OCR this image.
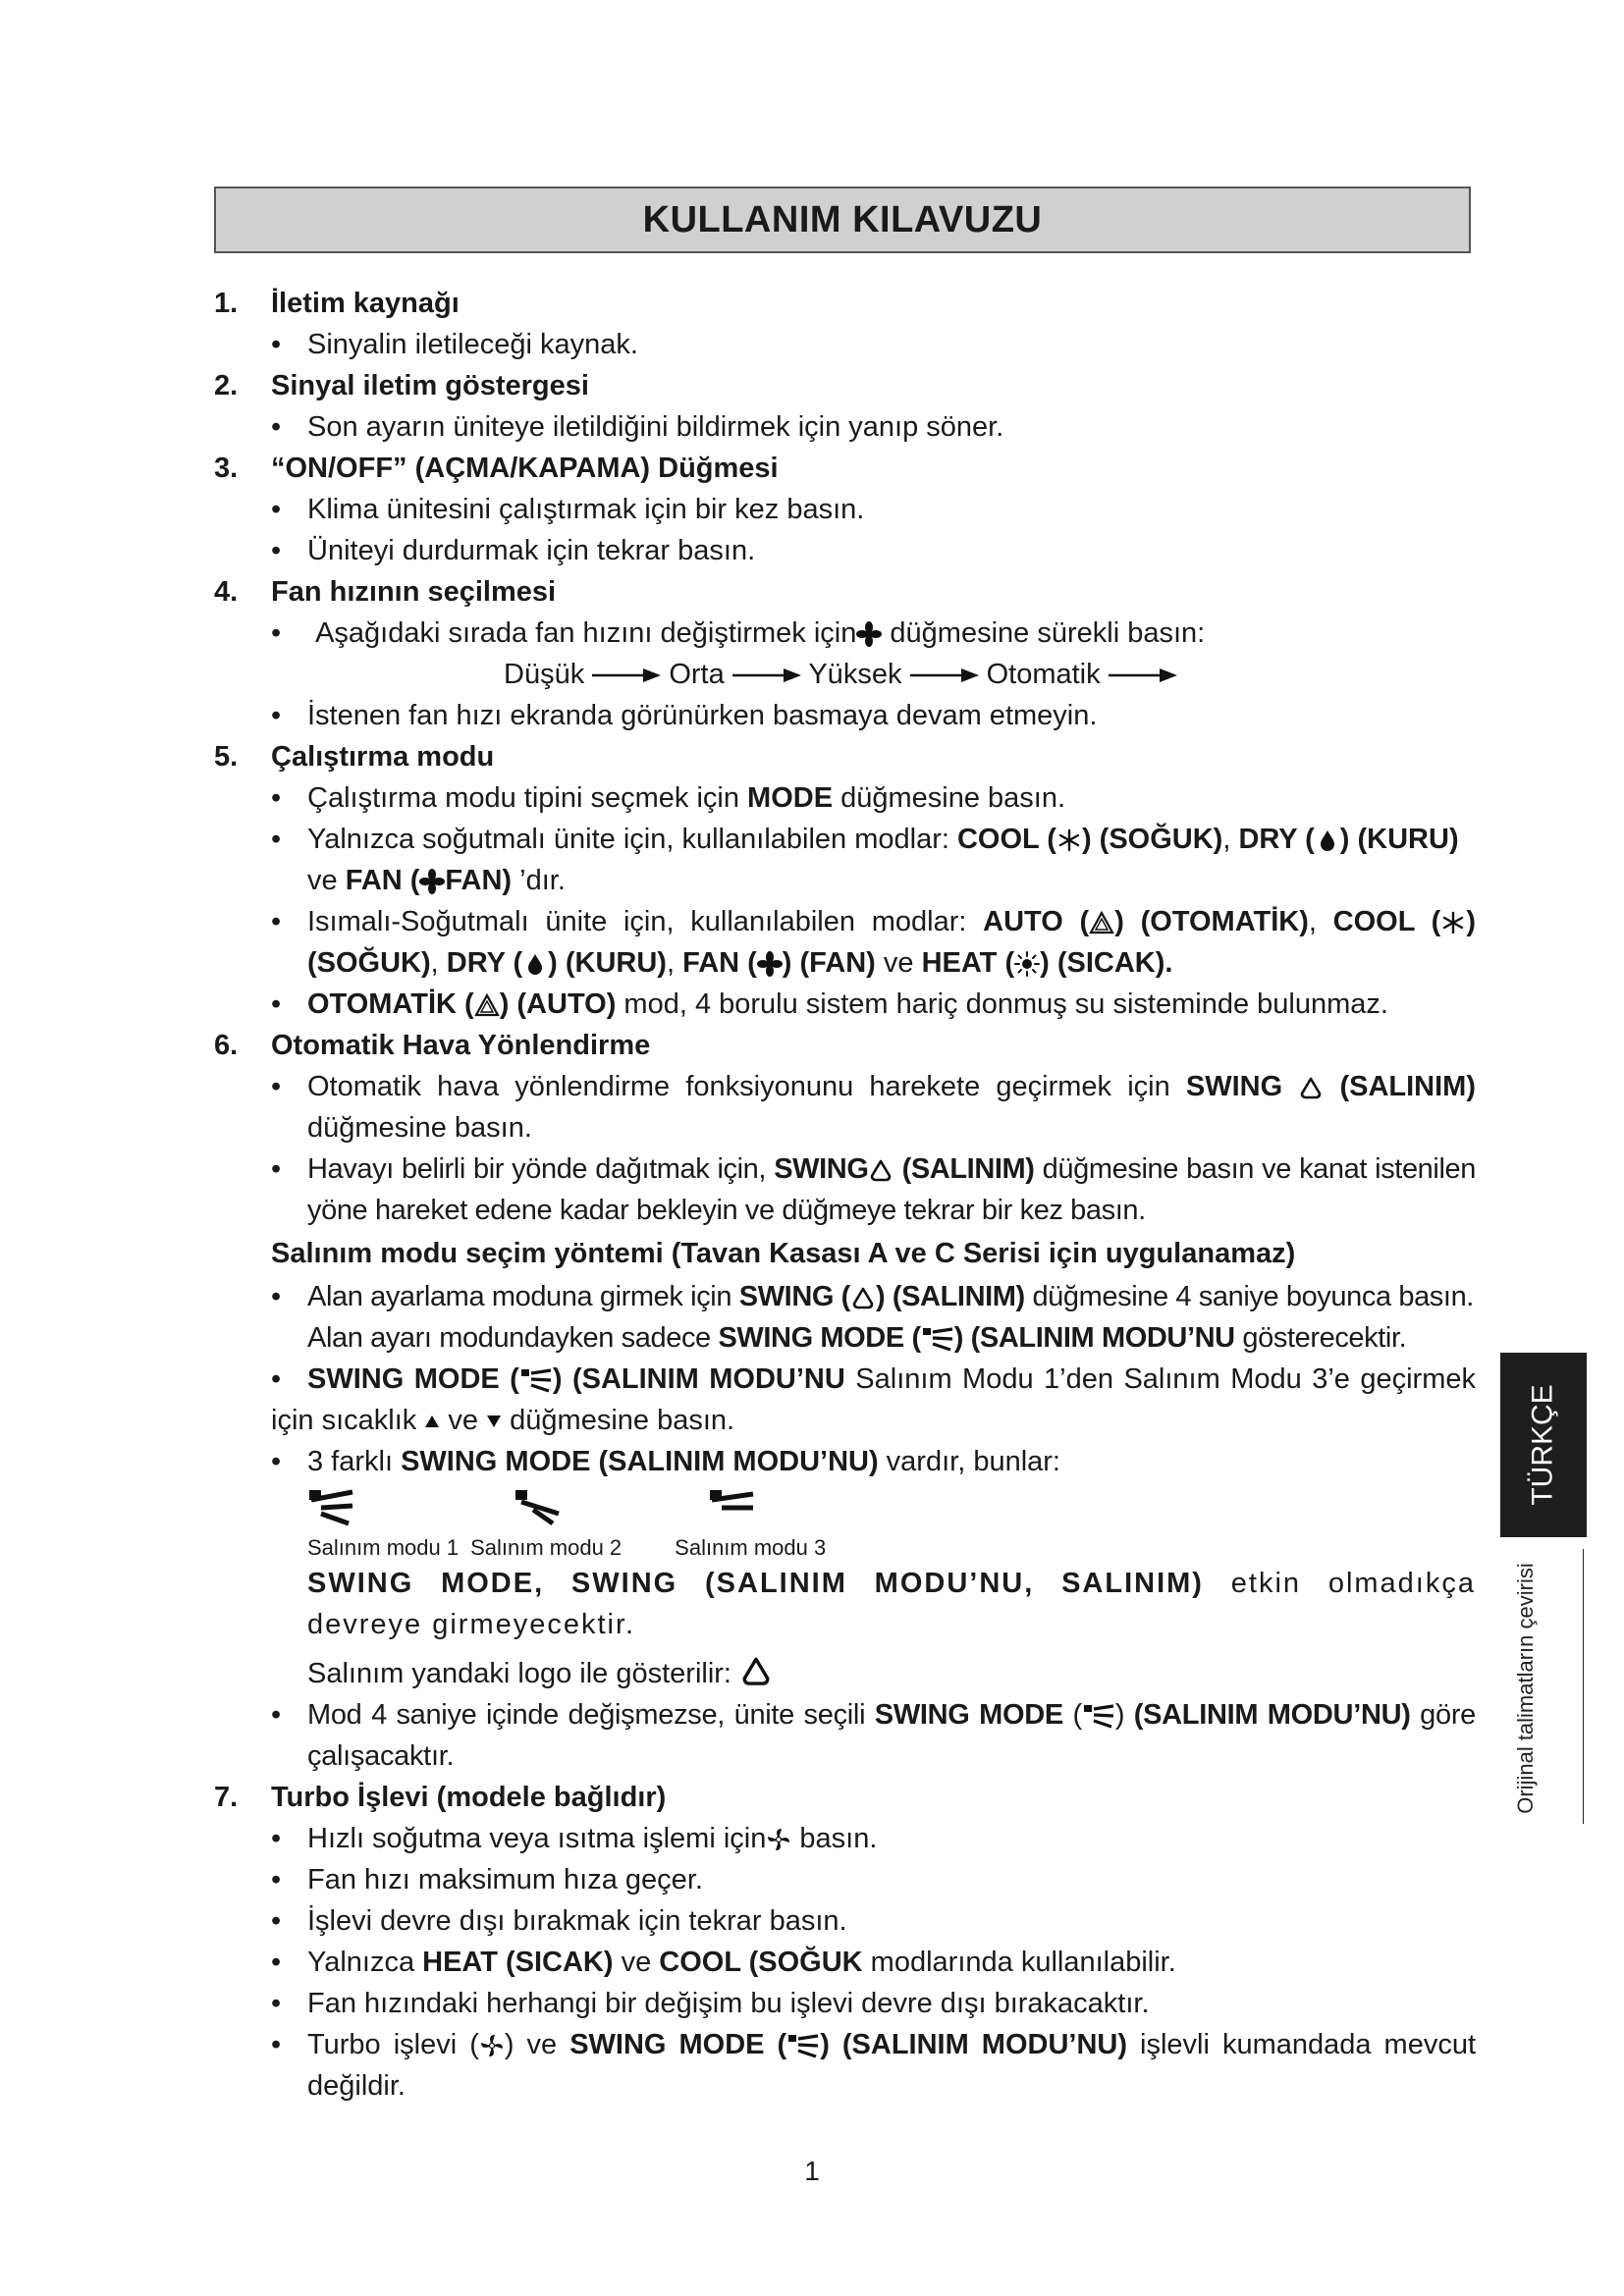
KULLANIM KILAVUZU

1.	İletim kaynağı

• Sinyalin iletileceği kaynak.

2.	Sinyal iletim göstergesi

• Son ayarın üniteye iletildiğini bildirmek için yanıp söner.

3.	“ON/OFF” (AÇMA/KAPAMA) Düğmesi

• Klima ünitesini çalıştırmak için bir kez basın.

• Üniteyi durdurmak için tekrar basın.

4.	Fan hızının seçilmesi

• Aşağıdaki sırada fan hızını değiştirmek için düğmesine sürekli basın:

Düşük	Orta	Yüksek	Otomatik

• İstenen fan hızı ekranda görünürken basmaya devam etmeyin.

5.	Çalıştırma modu

• Çalıştırma modu tipini seçmek için MODE düğmesine basın.

• Yalnızca soğutmalı ünite için, kullanılabilen modlar: COOL ( ) (SOĞUK), DRY ( ) (KURU) ve FAN ( FAN) ’dır.

• Isımalı-Soğutmalı ünite için, kullanılabilen modlar: AUTO ( ) (OTOMATİK), COOL ( ) (SOĞUK), DRY ( ) (KURU), FAN ( ) (FAN) ve HEAT ( ) (SICAK).

• OTOMATİK ( ) (AUTO) mod, 4 borulu sistem hariç donmuş su sisteminde bulunmaz.

6.	Otomatik Hava Yönlendirme

• Otomatik hava yönlendirme fonksiyonunu harekete geçirmek için SWING (SALINIM) düğmesine basın.

• Havayı belirli bir yönde dağıtmak için, SWING (SALINIM) düğmesine basın ve kanat istenilen yöne hareket edene kadar bekleyin ve düğmeye tekrar bir kez basın.

Salınım modu seçim yöntemi (Tavan Kasası A ve C Serisi için uygulanamaz)

• Alan ayarlama moduna girmek için SWING ( ) (SALINIM) düğmesine 4 saniye boyunca basın.
Alan ayarı modundayken sadece SWING MODE ( ) (SALINIM MODU’NU gösterecektir.

• SWING MODE ( ) (SALINIM MODU’NU Salınım Modu 1’den Salınım Modu 3’e geçirmek için sıcaklık ve düğmesine basın.

• 3 farklı SWING MODE (SALINIM MODU’NU) vardır, bunlar:

Salınım modu 1 Salınım modu 2 Salınım modu 3

SWING MODE, SWING (SALINIM MODU’NU, SALINIM) etkin olmadıkça devreye girmeyecektir.

Salınım yandaki logo ile gösterilir:

• Mod 4 saniye içinde değişmezse, ünite seçili SWING MODE ( ) (SALINIM MODU’NU) göre çalışacaktır.

7.	Turbo İşlevi (modele bağlıdır)

• Hızlı soğutma veya ısıtma işlemi için basın.

• Fan hızı maksimum hıza geçer.

• İşlevi devre dışı bırakmak için tekrar basın.

• Yalnızca HEAT (SICAK) ve COOL (SOĞUK modlarında kullanılabilir.

• Fan hızındaki herhangi bir değişim bu işlevi devre dışı bırakacaktır.

• Turbo işlevi ( ) ve SWING MODE ( ) (SALINIM MODU’NU) işlevli kumandada mevcut değildir.

TÜRKÇE
Orijinal talimatların çevirisi
1
